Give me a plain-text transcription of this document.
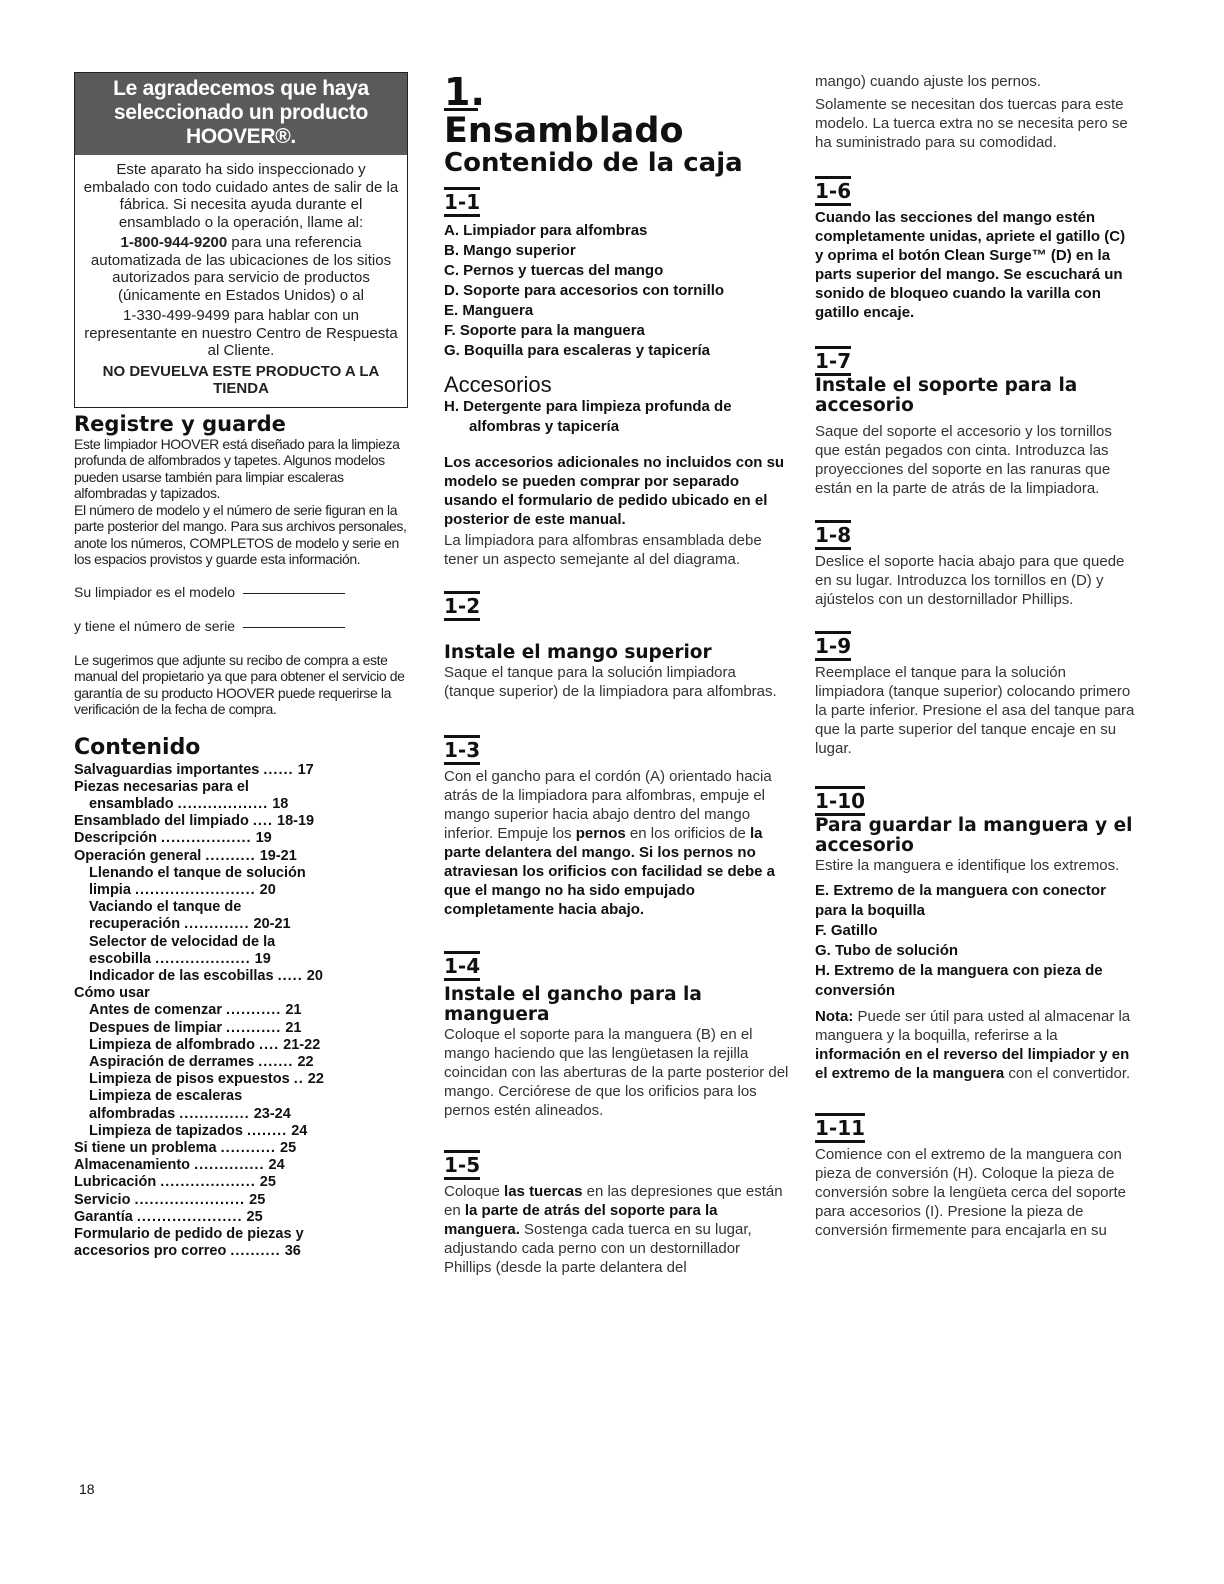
Le agradecemos que haya seleccionado un producto HOOVER®.

Este aparato ha sido inspeccionado y embalado con todo cuidado antes de salir de la fábrica. Si necesita ayuda durante el ensamblado o la operación, llame al:

1-800-944-9200 para una referencia automatizada de las ubicaciones de los sitios autorizados para servicio de productos (únicamente en Estados Unidos) o al

1-330-499-9499 para hablar con un representante en nuestro Centro de Respuesta al Cliente.

NO DEVUELVA ESTE PRODUCTO A LA TIENDA

Registre y guarde

Este limpiador HOOVER está diseñado para la limpieza profunda de alfombrados y tapetes. Algunos modelos pueden usarse también para limpiar escaleras alfombradas y tapizados.

El número de modelo y el número de serie figuran en la parte posterior del mango. Para sus archivos personales, anote los números, COMPLETOS de modelo y serie en los espacios provistos y guarde esta información.

Su limpiador es el modelo
y tiene el número de serie

Le sugerimos que adjunte su recibo de compra a este manual del propietario ya que para obtener el servicio de garantía de su producto HOOVER puede requerirse la verificación de la fecha de compra.

Contenido
Salvaguardias importantes ...... 17
Piezas necesarias para el
ensamblado .................. 18
Ensamblado del limpiado .... 18-19
Descripción .................. 19
Operación general .......... 19-21
Llenando el tanque de solución
limpia ........................ 20
Vaciando el tanque de
recuperación ............. 20-21
Selector de velocidad de la
escobilla ................... 19
Indicador de las escobillas ..... 20
Cómo usar
Antes de comenzar ........... 21
Despues de limpiar ........... 21
Limpieza de alfombrado .... 21-22
Aspiración de derrames ....... 22
Limpieza de pisos expuestos .. 22
Limpieza de escaleras
alfombradas .............. 23-24
Limpieza de tapizados ........ 24
Si tiene un problema ........... 25
Almacenamiento .............. 24
Lubricación ................... 25
Servicio ...................... 25
Garantía ..................... 25
Formulario de pedido de piezas y
accesorios pro correo .......... 36
18
1.
Ensamblado
Contenido de la caja
1-1
A. Limpiador para alfombras
B. Mango superior
C. Pernos y tuercas del mango
D. Soporte para accesorios con tornillo
E. Manguera
F. Soporte para la manguera
G. Boquilla para escaleras y tapicería
Accesorios
H. Detergente para limpieza profunda de alfombras y tapicería

Los accesorios adicionales no incluidos con su modelo se pueden comprar por separado usando el formulario de pedido ubicado en el posterior de este manual.

La limpiadora para alfombras ensamblada debe tener un aspecto semejante al del diagrama.

1-2
Instale el mango superior

Saque el tanque para la solución limpiadora (tanque superior) de la limpiadora para alfombras.

1-3

Con el gancho para el cordón (A) orientado hacia atrás de la limpiadora para alfombras, empuje el mango superior hacia abajo dentro del mango inferior. Empuje los pernos en los orificios de la parte delantera del mango. Si los pernos no atraviesan los orificios con facilidad se debe a que el mango no ha sido empujado completamente hacia abajo.

1-4
Instale el gancho para la manguera

Coloque el soporte para la manguera (B) en el mango haciendo que las lengüetasen la rejilla coincidan con las aberturas de la parte posterior del mango. Cerciórese de que los orificios para los pernos estén alineados.

1-5

Coloque las tuercas en las depresiones que están en la parte de atrás del soporte para la manguera. Sostenga cada tuerca en su lugar, adjustando cada perno con un destornillador Phillips (desde la parte delantera del

mango) cuando ajuste los pernos.

Solamente se necesitan dos tuercas para este modelo. La tuerca extra no se necesita pero se ha suministrado para su comodidad.

1-6

Cuando las secciones del mango estén completamente unidas, apriete el gatillo (C) y oprima el botón Clean Surge™ (D) en la parts superior del mango. Se escuchará un sonido de bloqueo cuando la varilla con gatillo encaje.

1-7
Instale el soporte para la accesorio

Saque del soporte el accesorio y los tornillos que están pegados con cinta. Introduzca las proyecciones del soporte en las ranuras que están en la parte de atrás de la limpiadora.

1-8

Deslice el soporte hacia abajo para que quede en su lugar. Introduzca los tornillos en (D) y ajústelos con un destornillador Phillips.

1-9

Reemplace el tanque para la solución limpiadora (tanque superior) colocando primero la parte inferior. Presione el asa del tanque para que la parte superior del tanque encaje en su lugar.

1-10
Para guardar la manguera y el accesorio

Estire la manguera e identifique los extremos.

E. Extremo de la manguera con conector para la boquilla
F. Gatillo
G. Tubo de solución
H. Extremo de la manguera con pieza de conversión

Nota: Puede ser útil para usted al almacenar la manguera y la boquilla, referirse a la información en el reverso del limpiador y en el extremo de la manguera con el convertidor.

1-11

Comience con el extremo de la manguera con pieza de conversión (H). Coloque la pieza de conversión sobre la lengüeta cerca del soporte para accesorios (I). Presione la pieza de conversión firmemente para encajarla en su
